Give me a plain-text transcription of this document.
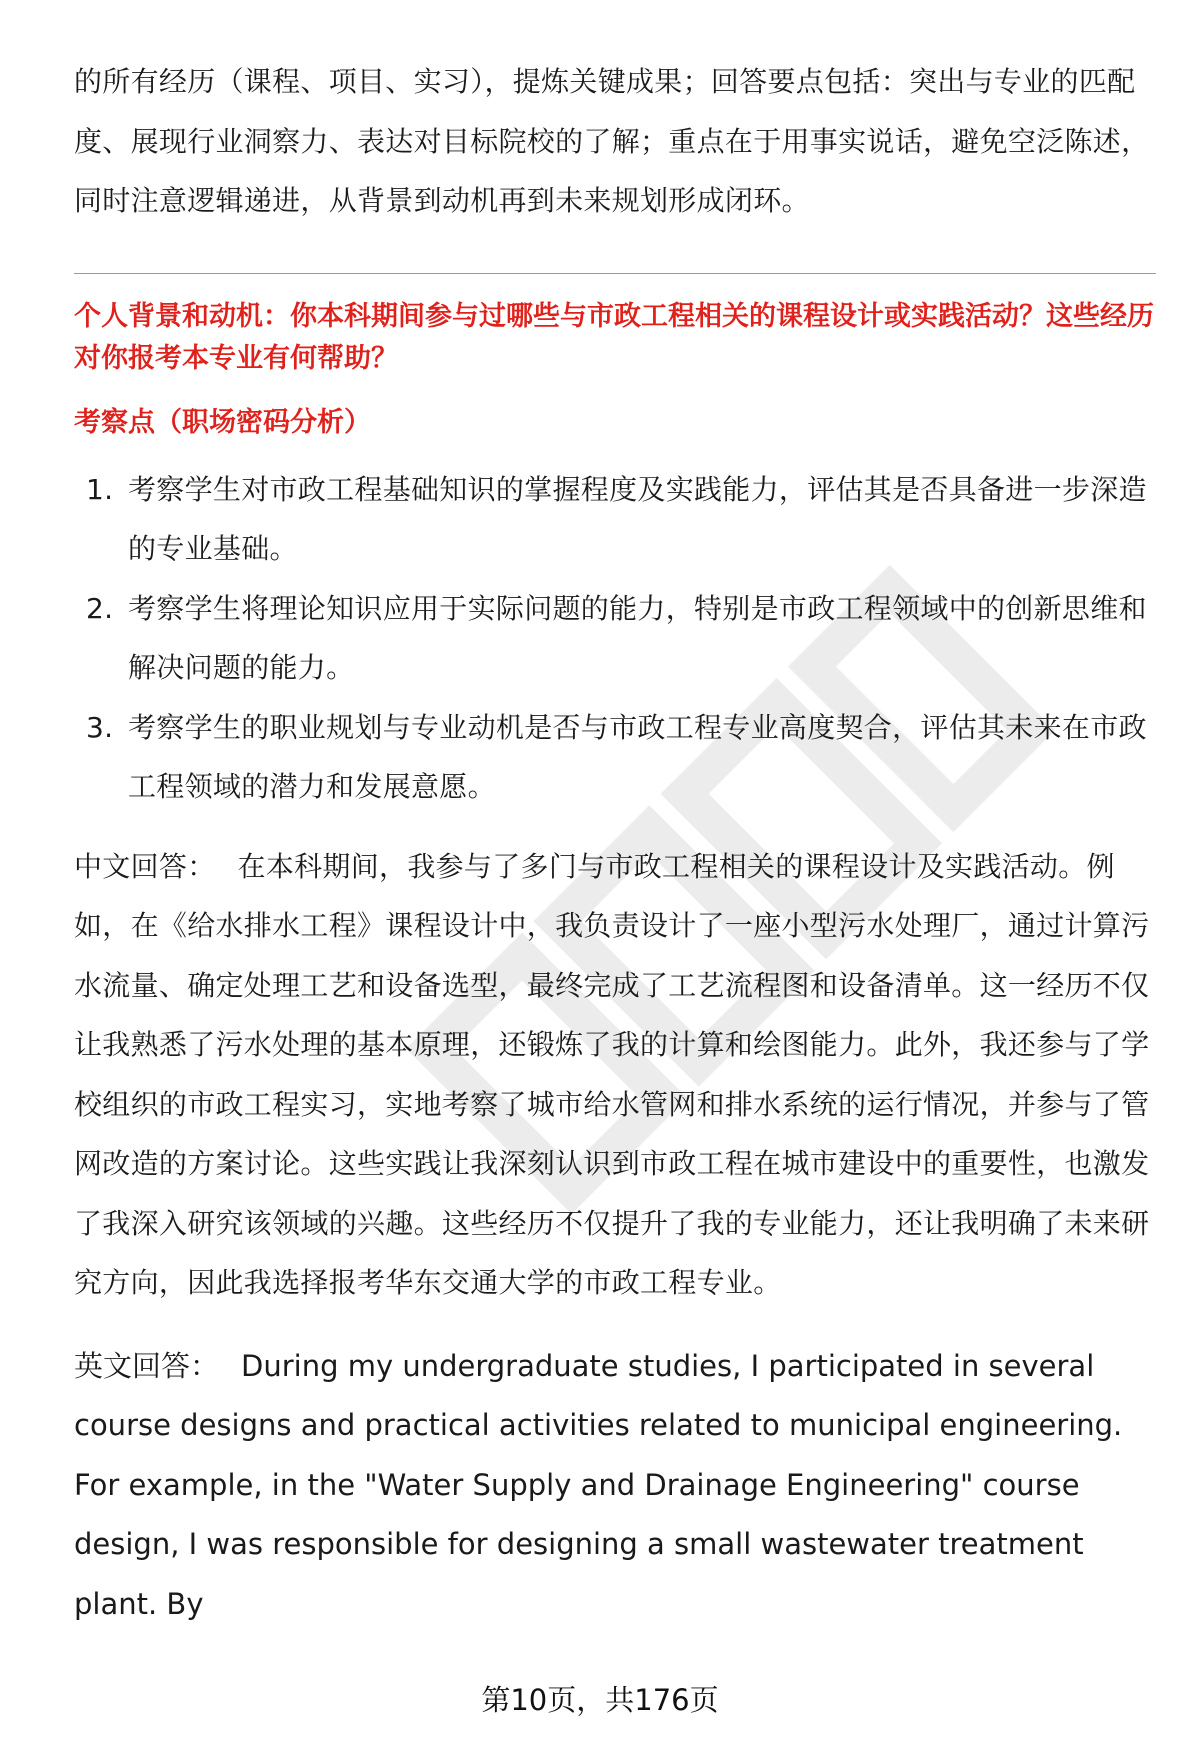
的所有经历（课程、项目、实习），提炼关键成果；回答要点包括：突出与专业的匹配度、展现行业洞察力、表达对目标院校的了解；重点在于用事实说话，避免空泛陈述，同时注意逻辑递进，从背景到动机再到未来规划形成闭环。

个人背景和动机：你本科期间参与过哪些与市政工程相关的课程设计或实践活动？这些经历对你报考本专业有何帮助？

考察点（职场密码分析）

1. 考察学生对市政工程基础知识的掌握程度及实践能力，评估其是否具备进一步深造的专业基础。
2. 考察学生将理论知识应用于实际问题的能力，特别是市政工程领域中的创新思维和解决问题的能力。
3. 考察学生的职业规划与专业动机是否与市政工程专业高度契合，评估其未来在市政工程领域的潜力和发展意愿。

中文回答： 在本科期间，我参与了多门与市政工程相关的课程设计及实践活动。例如，在《给水排水工程》课程设计中，我负责设计了一座小型污水处理厂，通过计算污水流量、确定处理工艺和设备选型，最终完成了工艺流程图和设备清单。这一经历不仅让我熟悉了污水处理的基本原理，还锻炼了我的计算和绘图能力。此外，我还参与了学校组织的市政工程实习，实地考察了城市给水管网和排水系统的运行情况，并参与了管网改造的方案讨论。这些实践让我深刻认识到市政工程在城市建设中的重要性，也激发了我深入研究该领域的兴趣。这些经历不仅提升了我的专业能力，还让我明确了未来研究方向，因此我选择报考华东交通大学的市政工程专业。

英文回答： During my undergraduate studies, I participated in several course designs and practical activities related to municipal engineering. For example, in the "Water Supply and Drainage Engineering" course design, I was responsible for designing a small wastewater treatment plant. By

第10页，共176页
